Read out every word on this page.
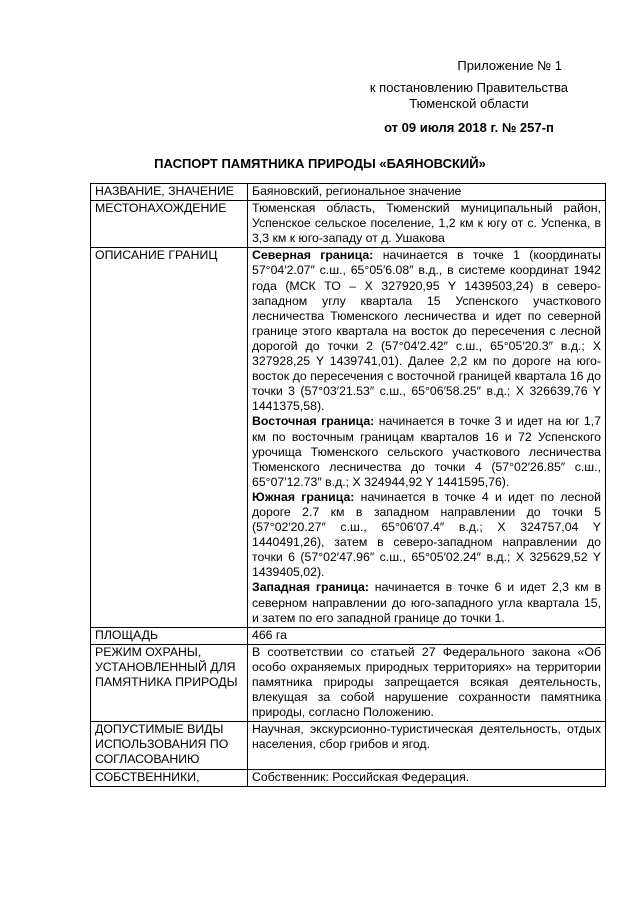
Приложение № 1
к постановлению Правительства
Тюменской области
от 09 июля 2018 г. № 257-п
ПАСПОРТ ПАМЯТНИКА ПРИРОДЫ «БАЯНОВСКИЙ»
НАЗВАНИЕ, ЗНАЧЕНИЕ	Баяновский, региональное значение
МЕСТОНАХОЖДЕНИЕ	Тюменская область, Тюменский муниципальный район, Успенское сельское поселение, 1,2 км к югу от с. Успенка, в 3,3 км к юго-западу от д. Ушакова
ОПИСАНИЕ ГРАНИЦ	Северная граница: начинается в точке 1 (координаты 57°04′2.07″ с.ш., 65°05′6.08″ в.д., в системе координат 1942 года (МСК ТО – X 327920,95 Y 1439503,24) в северо-западном углу квартала 15 Успенского участкового лесничества Тюменского лесничества и идет по северной границе этого квартала на восток до пересечения с лесной дорогой до точки 2 (57°04′2.42″ с.ш., 65°05′20.3″ в.д.; X 327928,25 Y 1439741,01). Далее 2,2 км по дороге на юго-восток до пересечения с восточной границей квартала 16 до точки 3 (57°03′21.53″ с.ш., 65°06′58.25″ в.д.; X 326639,76 Y 1441375,58).

Восточная граница: начинается в точке 3 и идет на юг 1,7 км по восточным границам кварталов 16 и 72 Успенского урочища Тюменского сельского участкового лесничества Тюменского лесничества до точки 4 (57°02′26.85″ с.ш., 65°07′12.73″ в.д.; X 324944,92 Y 1441595,76).

Южная граница: начинается в точке 4 и идет по лесной дороге 2.7 км в западном направлении до точки 5 (57°02′20.27″ с.ш., 65°06′07.4″ в.д.; X 324757,04 Y 1440491,26), затем в северо-западном направлении до точки 6 (57°02′47.96″ с.ш., 65°05′02.24″ в.д.; X 325629,52 Y 1439405,02).

Западная граница: начинается в точке 6 и идет 2,3 км в северном направлении до юго-западного угла квартала 15, и затем по его западной границе до точки 1.

ПЛОЩАДЬ	466 га
РЕЖИМ ОХРАНЫ, УСТАНОВЛЕННЫЙ ДЛЯ ПАМЯТНИКА ПРИРОДЫ	В соответствии со статьей 27 Федерального закона «Об особо охраняемых природных территориях» на территории памятника природы запрещается всякая деятельность, влекущая за собой нарушение сохранности памятника природы, согласно Положению.
ДОПУСТИМЫЕ ВИДЫ ИСПОЛЬЗОВАНИЯ ПО СОГЛАСОВАНИЮ	Научная, экскурсионно-туристическая деятельность, отдых населения, сбор грибов и ягод.
СОБСТВЕННИКИ,	Собственник: Российская Федерация.
